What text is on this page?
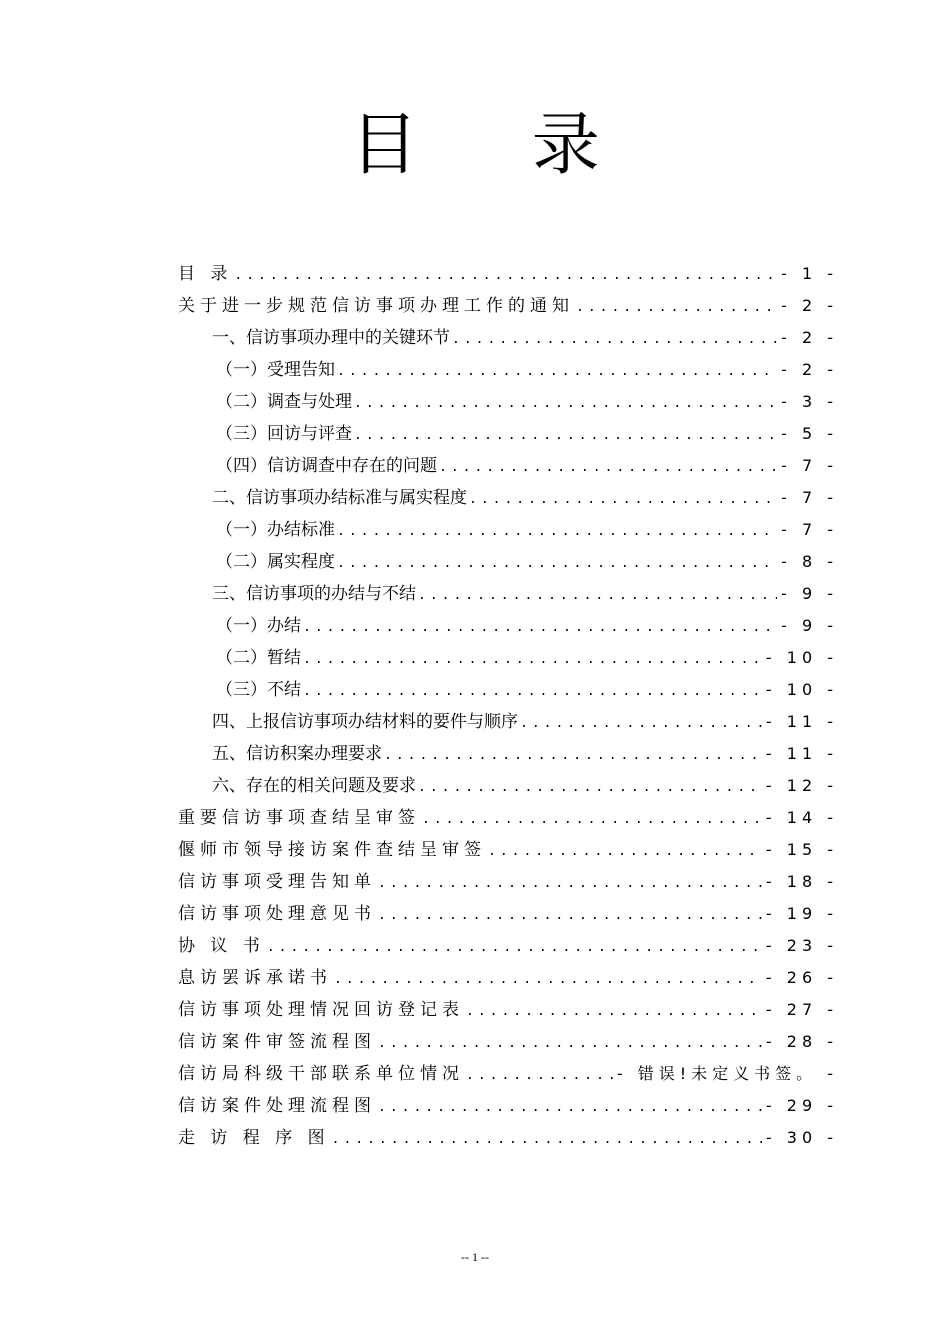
目 录
目 录 .....	- 1 -
关于进一步规范信访事项办理工作的通知 .....	- 2 -
一、信访事项办理中的关键环节 .....	- 2 -
（一）受理告知 .....	- 2 -
（二）调查与处理 .....	- 3 -
（三）回访与评查 .....	- 5 -
（四）信访调查中存在的问题 .....	- 7 -
二、信访事项办结标准与属实程度 .....	- 7 -
（一）办结标准 .....	- 7 -
（二）属实程度 .....	- 8 -
三、信访事项的办结与不结 .....	- 9 -
（一）办结 .....	- 9 -
（二）暂结 .....	- 10 -
（三）不结 .....	- 10 -
四、上报信访事项办结材料的要件与顺序 .....	- 11 -
五、信访积案办理要求 .....	- 11 -
六、存在的相关问题及要求 .....	- 12 -
重要信访事项查结呈审签 .....	- 14 -
偃师市领导接访案件查结呈审签 .....	- 15 -
信访事项受理告知单 .....	- 18 -
信访事项处理意见书 .....	- 19 -
协 议 书 .....	- 23 -
息访罢诉承诺书 .....	- 26 -
信访事项处理情况回访登记表 .....	- 27 -
信访案件审签流程图 .....	- 28 -
信访局科级干部联系单位情况 .....	- 错误!未定义书签。 -
信访案件处理流程图 .....	- 29 -
走 访 程 序 图 .....	- 30 -
-- 1 --
